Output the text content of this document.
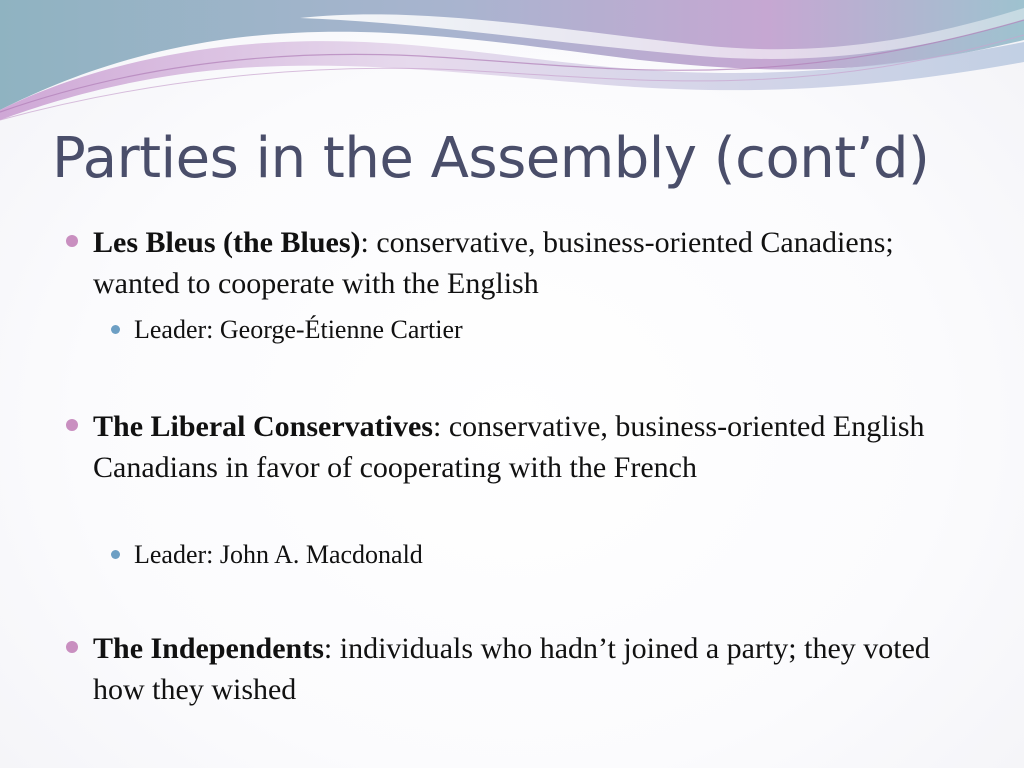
Parties in the Assembly (cont’d)
Les Bleus (the Blues): conservative, business-oriented Canadiens; wanted to cooperate with the English
Leader: George-Étienne Cartier
The Liberal Conservatives: conservative, business-oriented English Canadians in favor of cooperating with the French
Leader: John A. Macdonald
The Independents: individuals who hadn’t joined a party; they voted how they wished
